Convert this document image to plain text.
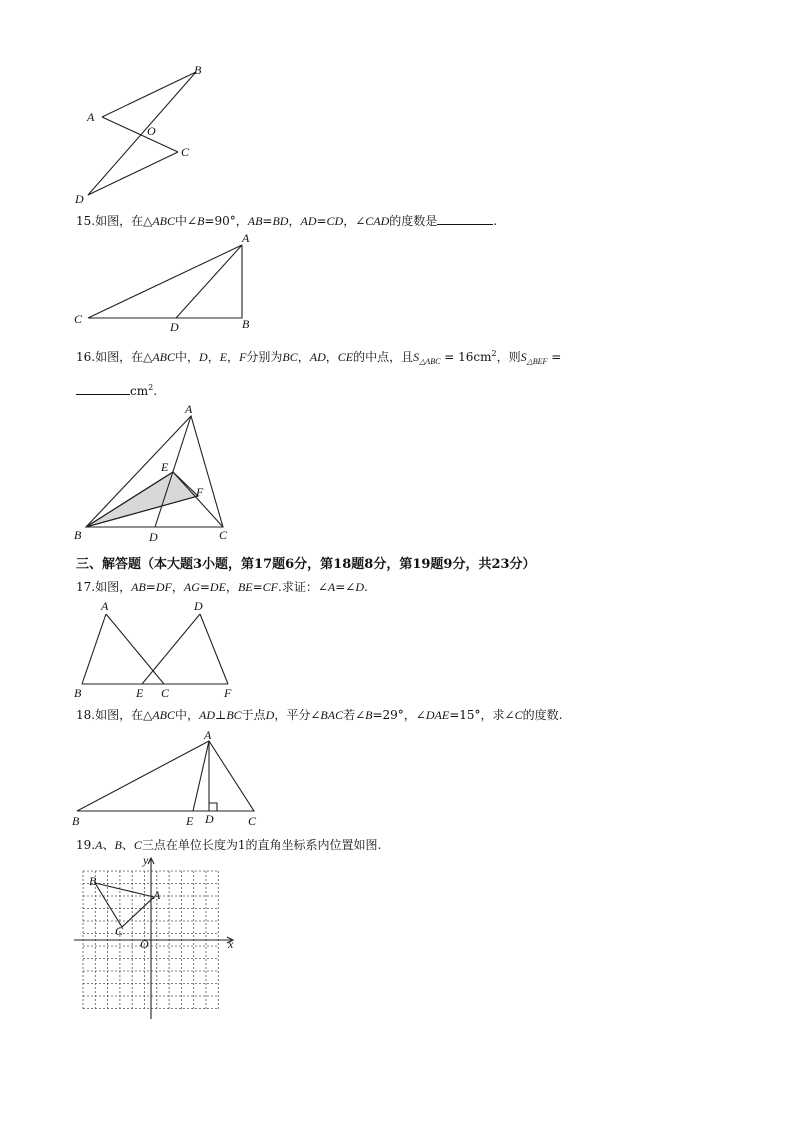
B
A
O
C
D
15.如图，在△ABC中∠B=90°，AB=BD，AD=CD，∠CAD的度数是	.
A
C
D	B
16.如图，在△ABC中，D，E，F分别为BC，AD，CE的中点，且$S_{\triangle ABC} = 16cm^2$，则$S_{\triangle BEF}$ =
$cm^2$.
A
E
F
B	D	C
三、解答题（本大题3小题，第17题6分，第18题8分，第19题9分，共23分）
17.如图，AB=DF，AG=DE，BE=CF.求证：∠A=∠D.
A	D
B	E C	F
18.如图，在△ABC中，AD⊥BC于点D，平分∠BAC若∠B=29°，∠DAE=15°，求∠C的度数.
A
B	E D	C
19.A、B、C三点在单位长度为1的直角坐标系内位置如图.
y
x
O
B
A
C
